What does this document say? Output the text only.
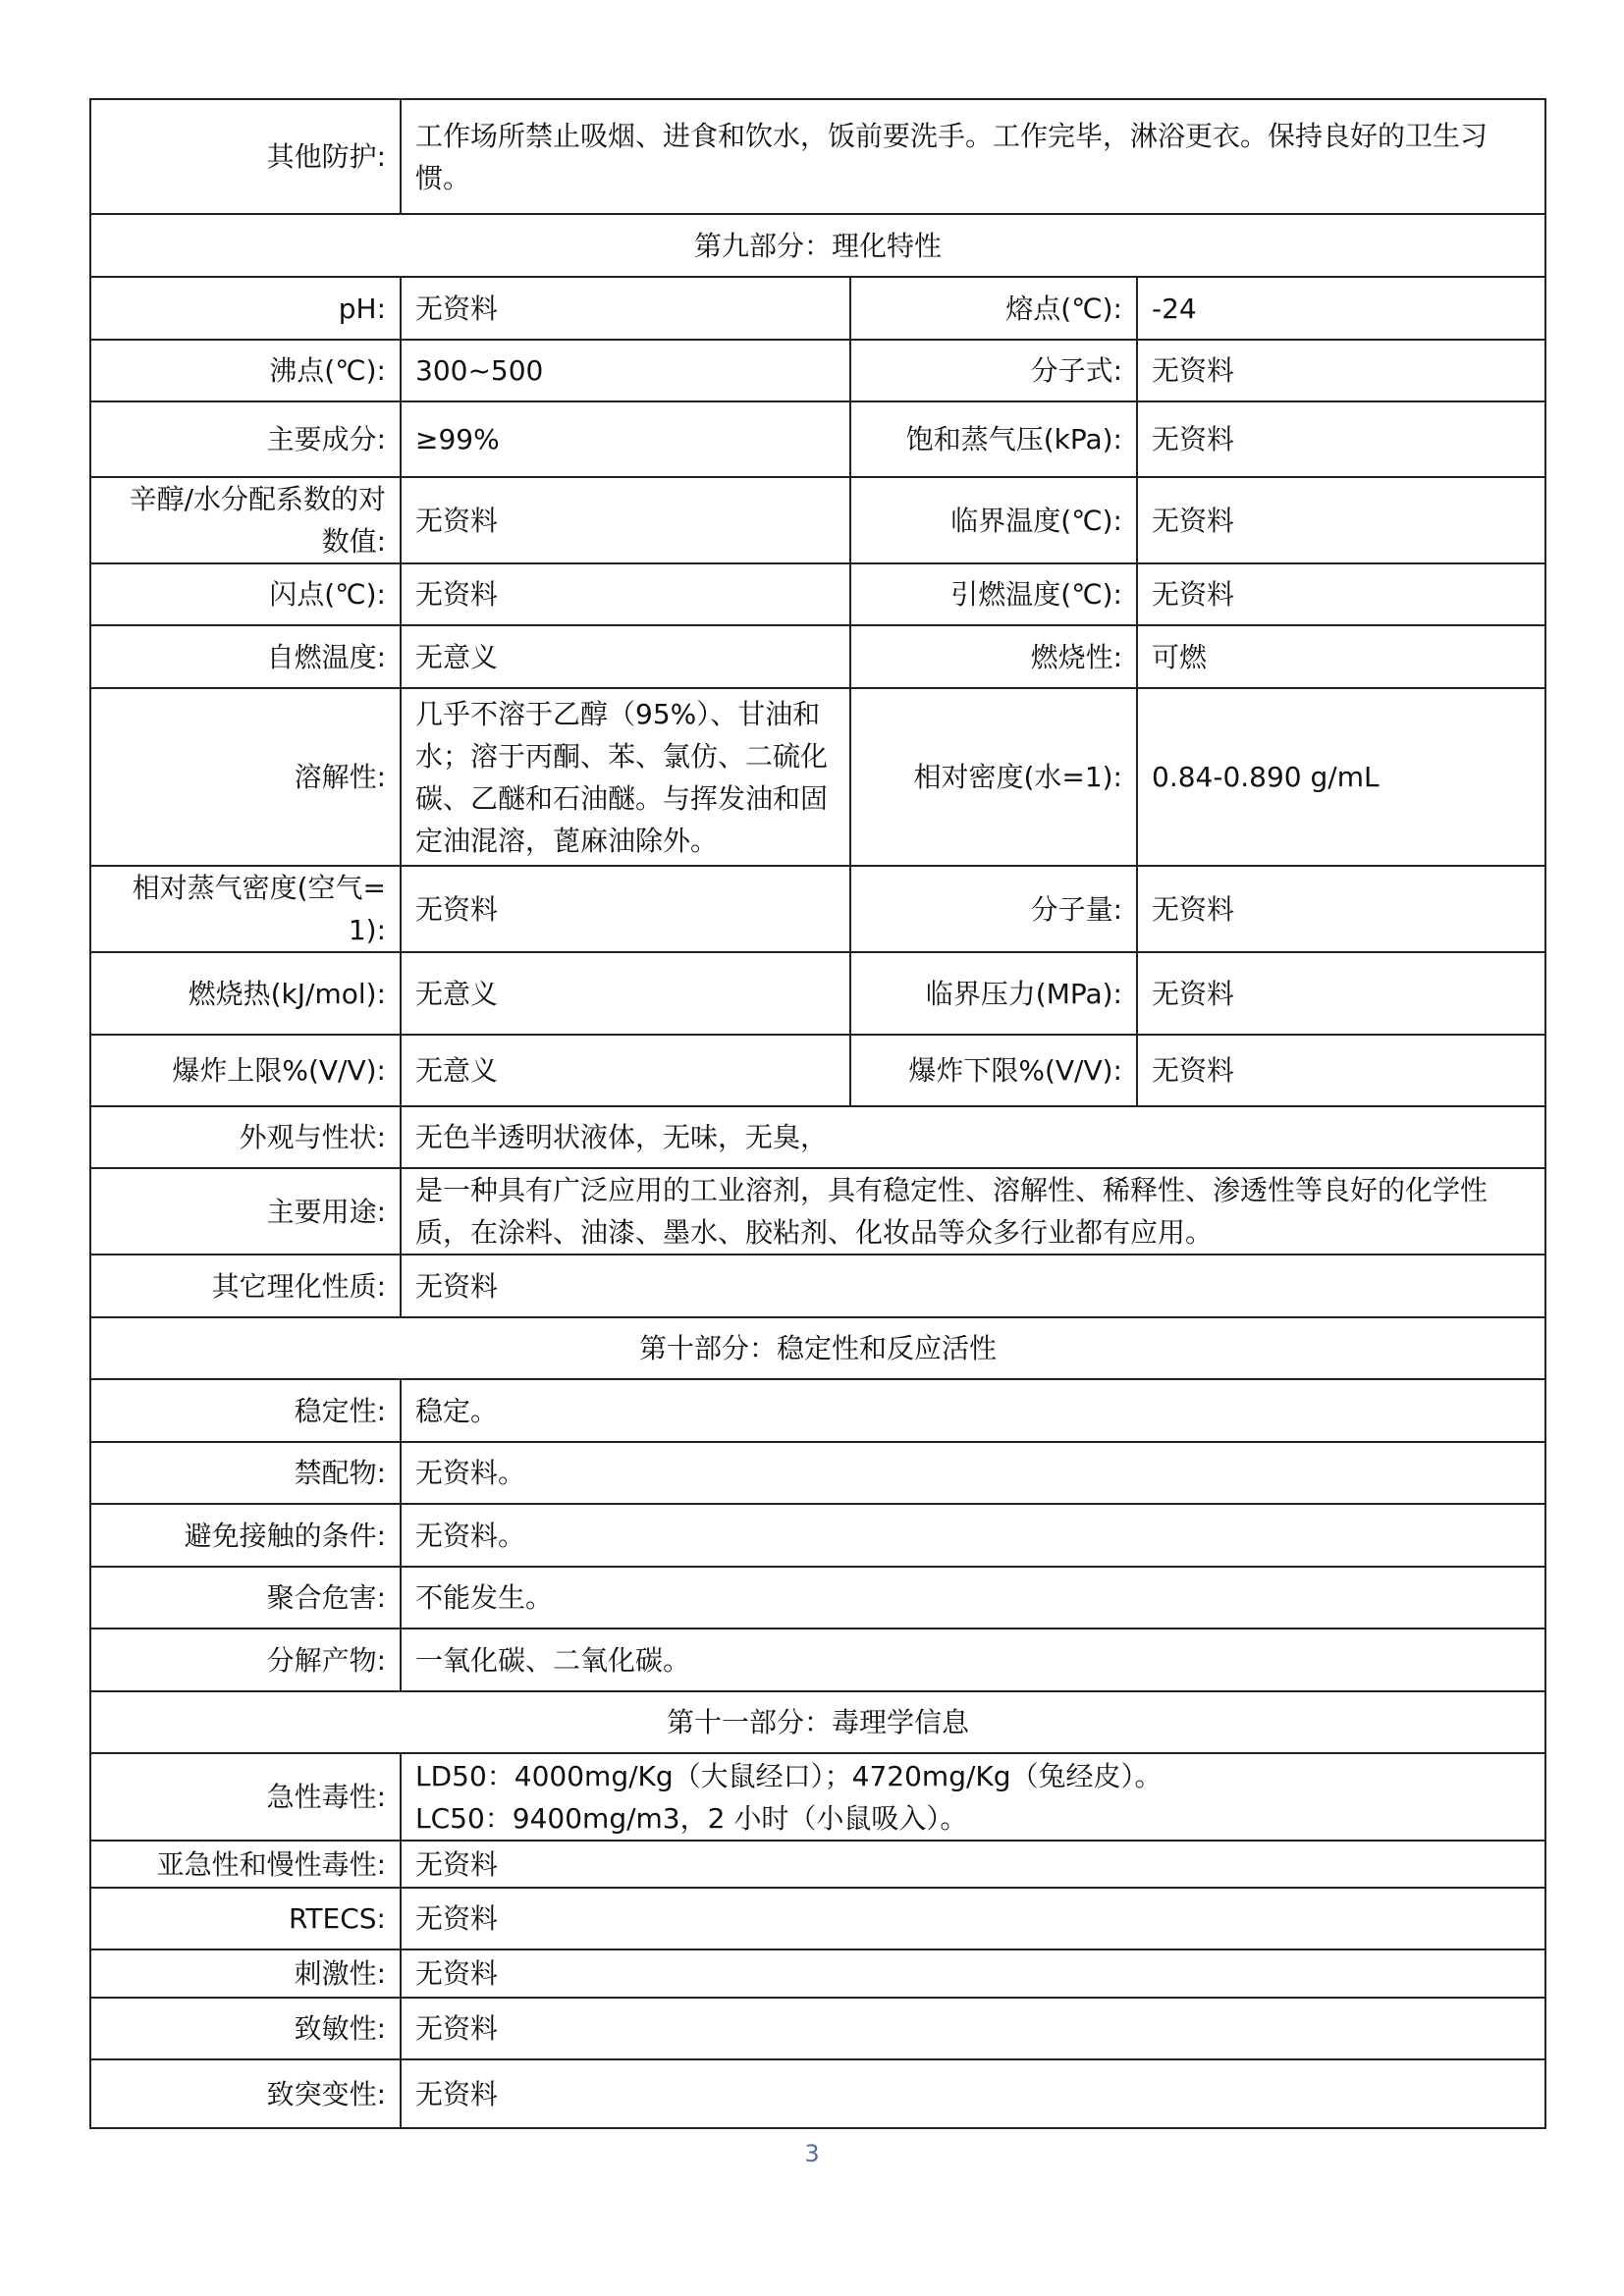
其他防护:	工作场所禁止吸烟、进食和饮水，饭前要洗手。工作完毕，淋浴更衣。保持良好的卫生习惯。		
第九部分：理化特性			
pH:	无资料	熔点(℃):	-24
沸点(℃):	300~500	分子式:	无资料
主要成分:	≥99%	饱和蒸气压(kPa):	无资料
辛醇/水分配系数的对数值:	无资料	临界温度(℃):	无资料
闪点(℃):	无资料	引燃温度(℃):	无资料
自燃温度:	无意义	燃烧性:	可燃
溶解性:	几乎不溶于乙醇（95%）、甘油和水；溶于丙酮、苯、氯仿、二硫化碳、乙醚和石油醚。与挥发油和固定油混溶，蓖麻油除外。	相对密度(水=1):	0.84-0.890 g/mL
相对蒸气密度(空气=1):	无资料	分子量:	无资料
燃烧热(kJ/mol):	无意义	临界压力(MPa):	无资料
爆炸上限%(V/V):	无意义	爆炸下限%(V/V):	无资料
外观与性状:	无色半透明状液体，无味，无臭，		
主要用途:	是一种具有广泛应用的工业溶剂，具有稳定性、溶解性、稀释性、渗透性等良好的化学性质，在涂料、油漆、墨水、胶粘剂、化妆品等众多行业都有应用。		
其它理化性质:	无资料		
第十部分：稳定性和反应活性			
稳定性:	稳定。		
禁配物:	无资料。		
避免接触的条件:	无资料。		
聚合危害:	不能发生。		
分解产物:	一氧化碳、二氧化碳。		
第十一部分：毒理学信息			
急性毒性:	LD50：4000mg/Kg（大鼠经口）；4720mg/Kg（兔经皮）。
LC50：9400mg/m3，2 小时（小鼠吸入）。		

亚急性和慢性毒性:	无资料		
RTECS:	无资料		
刺激性:	无资料		
致敏性:	无资料		
致突变性:	无资料		
3
